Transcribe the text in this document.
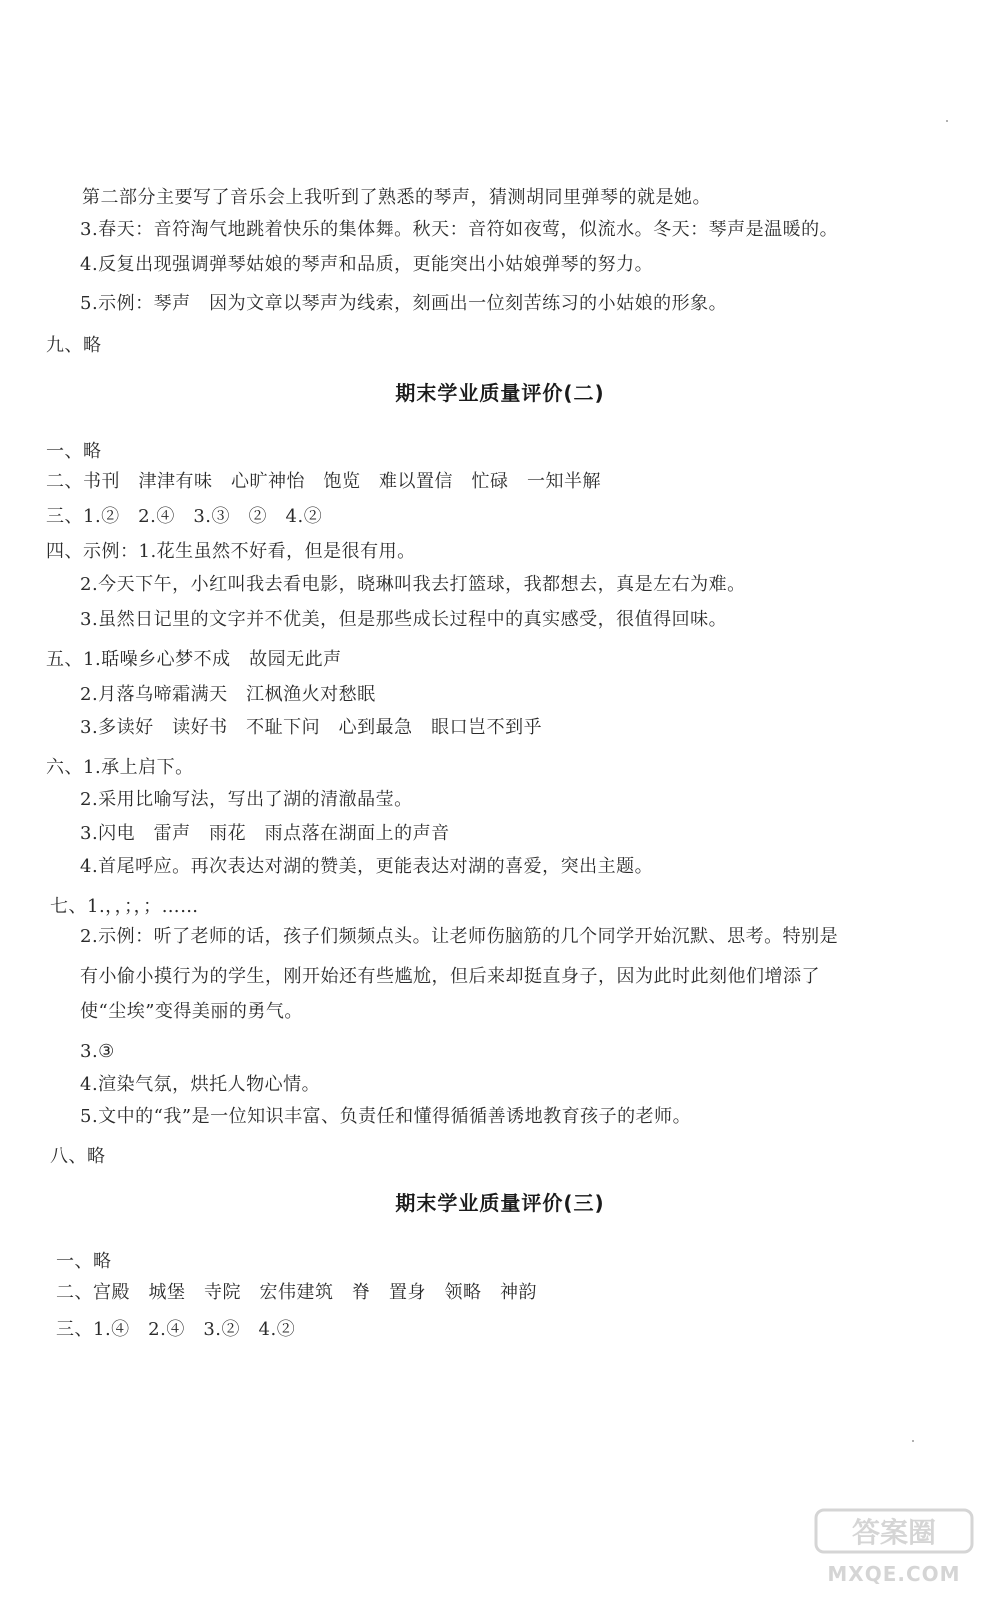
第二部分主要写了音乐会上我听到了熟悉的琴声，猜测胡同里弹琴的就是她。
3.春天：音符淘气地跳着快乐的集体舞。秋天：音符如夜莺，似流水。冬天：琴声是温暖的。
4.反复出现强调弹琴姑娘的琴声和品质，更能突出小姑娘弹琴的努力。
5.示例：琴声　因为文章以琴声为线索，刻画出一位刻苦练习的小姑娘的形象。
九、略
期末学业质量评价(二)
一、略
二、书刊　津津有味　心旷神怡　饱览　难以置信　忙碌　一知半解
三、1.②　2.④　3.③　②　4.②
四、示例：1.花生虽然不好看，但是很有用。
2.今天下午，小红叫我去看电影，晓琳叫我去打篮球，我都想去，真是左右为难。
3.虽然日记里的文字并不优美，但是那些成长过程中的真实感受，很值得回味。
五、1.聒噪乡心梦不成　故园无此声
2.月落乌啼霜满天　江枫渔火对愁眠
3.多读好　读好书　不耻下问　心到最急　眼口岂不到乎
六、1.承上启下。
2.采用比喻写法，写出了湖的清澈晶莹。
3.闪电　雷声　雨花　雨点落在湖面上的声音
4.首尾呼应。再次表达对湖的赞美，更能表达对湖的喜爱，突出主题。
七、1.，，；，；……
2.示例：听了老师的话，孩子们频频点头。让老师伤脑筋的几个同学开始沉默、思考。特别是
有小偷小摸行为的学生，刚开始还有些尴尬，但后来却挺直身子，因为此时此刻他们增添了
使“尘埃”变得美丽的勇气。
3.③
4.渲染气氛，烘托人物心情。
5.文中的“我”是一位知识丰富、负责任和懂得循循善诱地教育孩子的老师。
八、略
期末学业质量评价(三)
一、略
二、宫殿　城堡　寺院　宏伟建筑　脊　置身　领略　神韵
三、1.④　2.④　3.②　4.②
答案圈
MXQE.COM
